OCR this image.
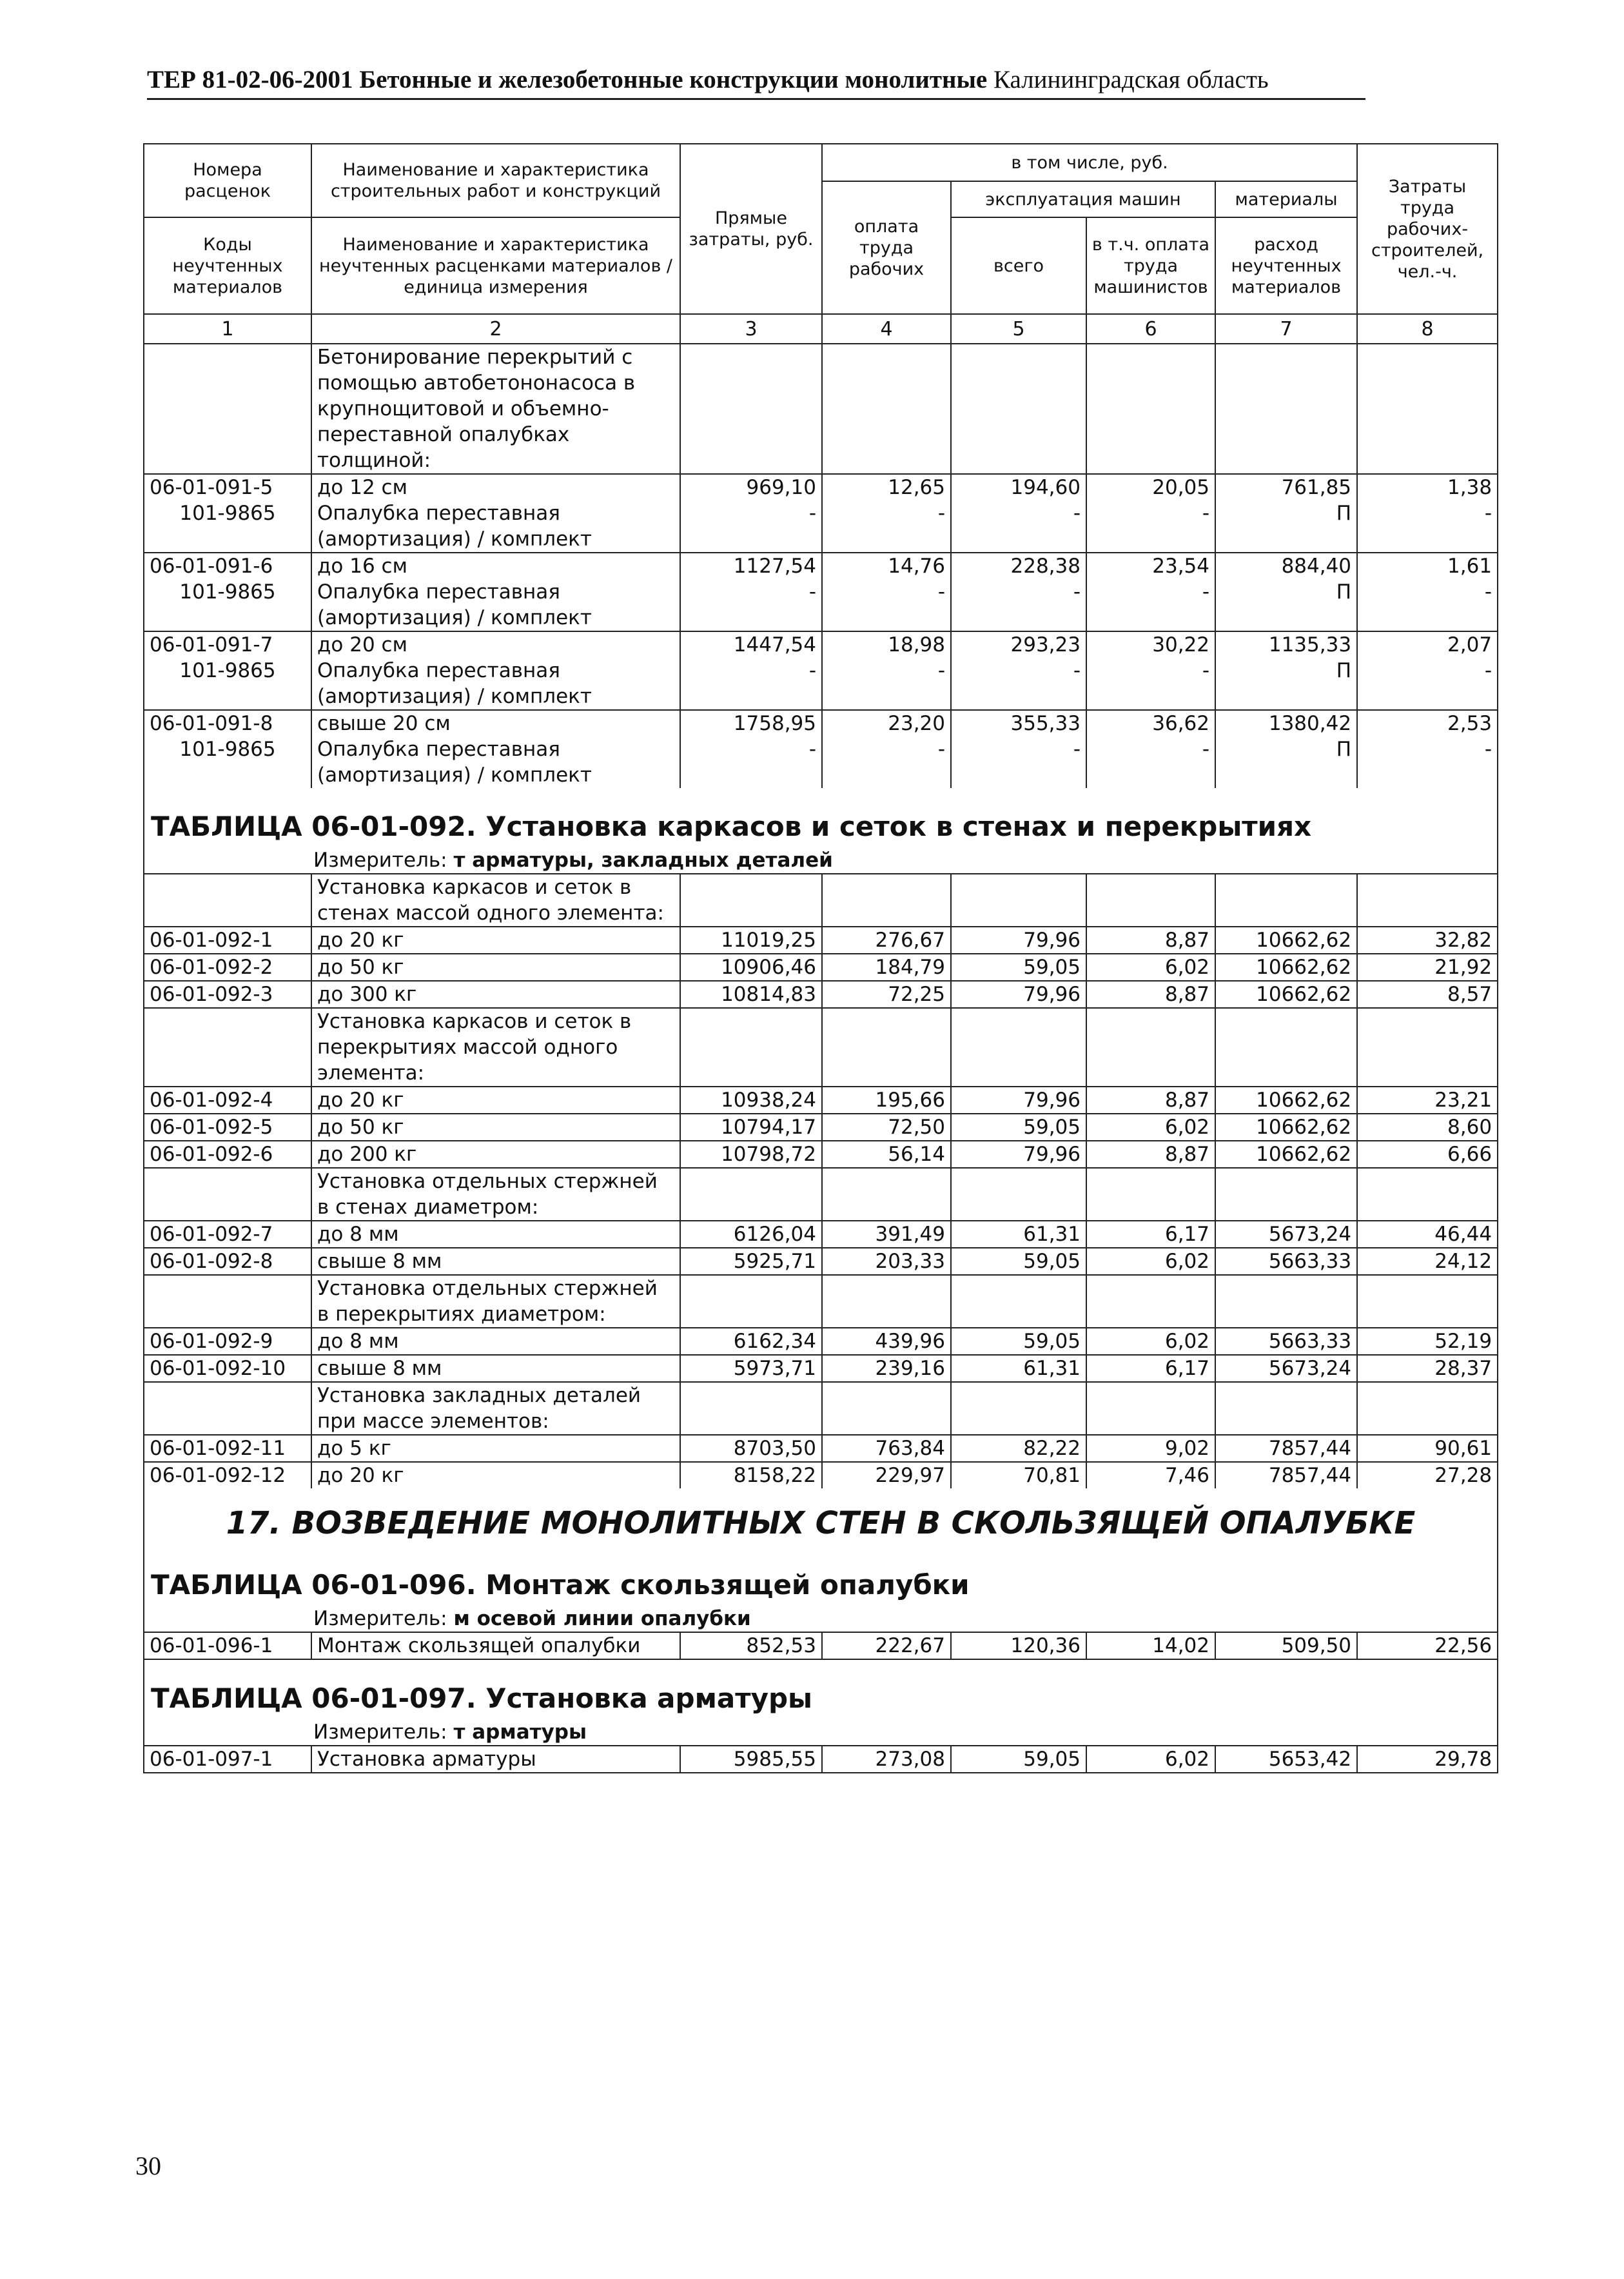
ТЕР 81-02-06-2001 Бетонные и железобетонные конструкции монолитные Калининградская область
Номера расценок	Наименование и характеристика строительных работ и конструкций	Прямые затраты, руб.	в том числе, руб.				Затраты труда рабочих-строителей, чел.-ч.
			оплата труда рабочих	эксплуатация машин		материалы	
Коды неучтенных материалов	Наименование и характеристика неучтенных расценками материалов / единица измерения			всего	в т.ч. оплата труда машинистов	расход неучтенных материалов	

1	2	3	4	5	6	7	8
	Бетонирование перекрытий с						
	помощью автобетононасоса в						
	крупнощитовой и объемно-						
	переставной опалубках						
	толщиной:						
06-01-091-5	до 12 см	969,10	12,65	194,60	20,05	761,85	1,38
101-9865	Опалубка переставная	-	-	-	-	П	-
	(амортизация) / комплект						
06-01-091-6	до 16 см	1127,54	14,76	228,38	23,54	884,40	1,61
101-9865	Опалубка переставная	-	-	-	-	П	-
	(амортизация) / комплект						
06-01-091-7	до 20 см	1447,54	18,98	293,23	30,22	1135,33	2,07
101-9865	Опалубка переставная	-	-	-	-	П	-
	(амортизация) / комплект						
06-01-091-8	свыше 20 см	1758,95	23,20	355,33	36,62	1380,42	2,53
101-9865	Опалубка переставная	-	-	-	-	П	-
	(амортизация) / комплект						
ТАБЛИЦА 06-01-092. Установка каркасов и сеток в стенах и перекрытиях							
Измеритель: т арматуры, закладных деталей							
	Установка каркасов и сеток в						
	стенах массой одного элемента:						
06-01-092-1	до 20 кг	11019,25	276,67	79,96	8,87	10662,62	32,82
06-01-092-2	до 50 кг	10906,46	184,79	59,05	6,02	10662,62	21,92
06-01-092-3	до 300 кг	10814,83	72,25	79,96	8,87	10662,62	8,57
	Установка каркасов и сеток в						
	перекрытиях массой одного						
	элемента:						
06-01-092-4	до 20 кг	10938,24	195,66	79,96	8,87	10662,62	23,21
06-01-092-5	до 50 кг	10794,17	72,50	59,05	6,02	10662,62	8,60
06-01-092-6	до 200 кг	10798,72	56,14	79,96	8,87	10662,62	6,66
	Установка отдельных стержней						
	в стенах диаметром:						
06-01-092-7	до 8 мм	6126,04	391,49	61,31	6,17	5673,24	46,44
06-01-092-8	свыше 8 мм	5925,71	203,33	59,05	6,02	5663,33	24,12
	Установка отдельных стержней						
	в перекрытиях диаметром:						
06-01-092-9	до 8 мм	6162,34	439,96	59,05	6,02	5663,33	52,19
06-01-092-10	свыше 8 мм	5973,71	239,16	61,31	6,17	5673,24	28,37
	Установка закладных деталей						
	при массе элементов:						
06-01-092-11	до 5 кг	8703,50	763,84	82,22	9,02	7857,44	90,61
06-01-092-12	до 20 кг	8158,22	229,97	70,81	7,46	7857,44	27,28
17. ВОЗВЕДЕНИЕ МОНОЛИТНЫХ СТЕН В СКОЛЬЗЯЩЕЙ ОПАЛУБКЕ							
ТАБЛИЦА 06-01-096. Монтаж скользящей опалубки							
Измеритель: м осевой линии опалубки							
06-01-096-1	Монтаж скользящей опалубки	852,53	222,67	120,36	14,02	509,50	22,56
ТАБЛИЦА 06-01-097. Установка арматуры							
Измеритель: т арматуры							
06-01-097-1	Установка арматуры	5985,55	273,08	59,05	6,02	5653,42	29,78
30
